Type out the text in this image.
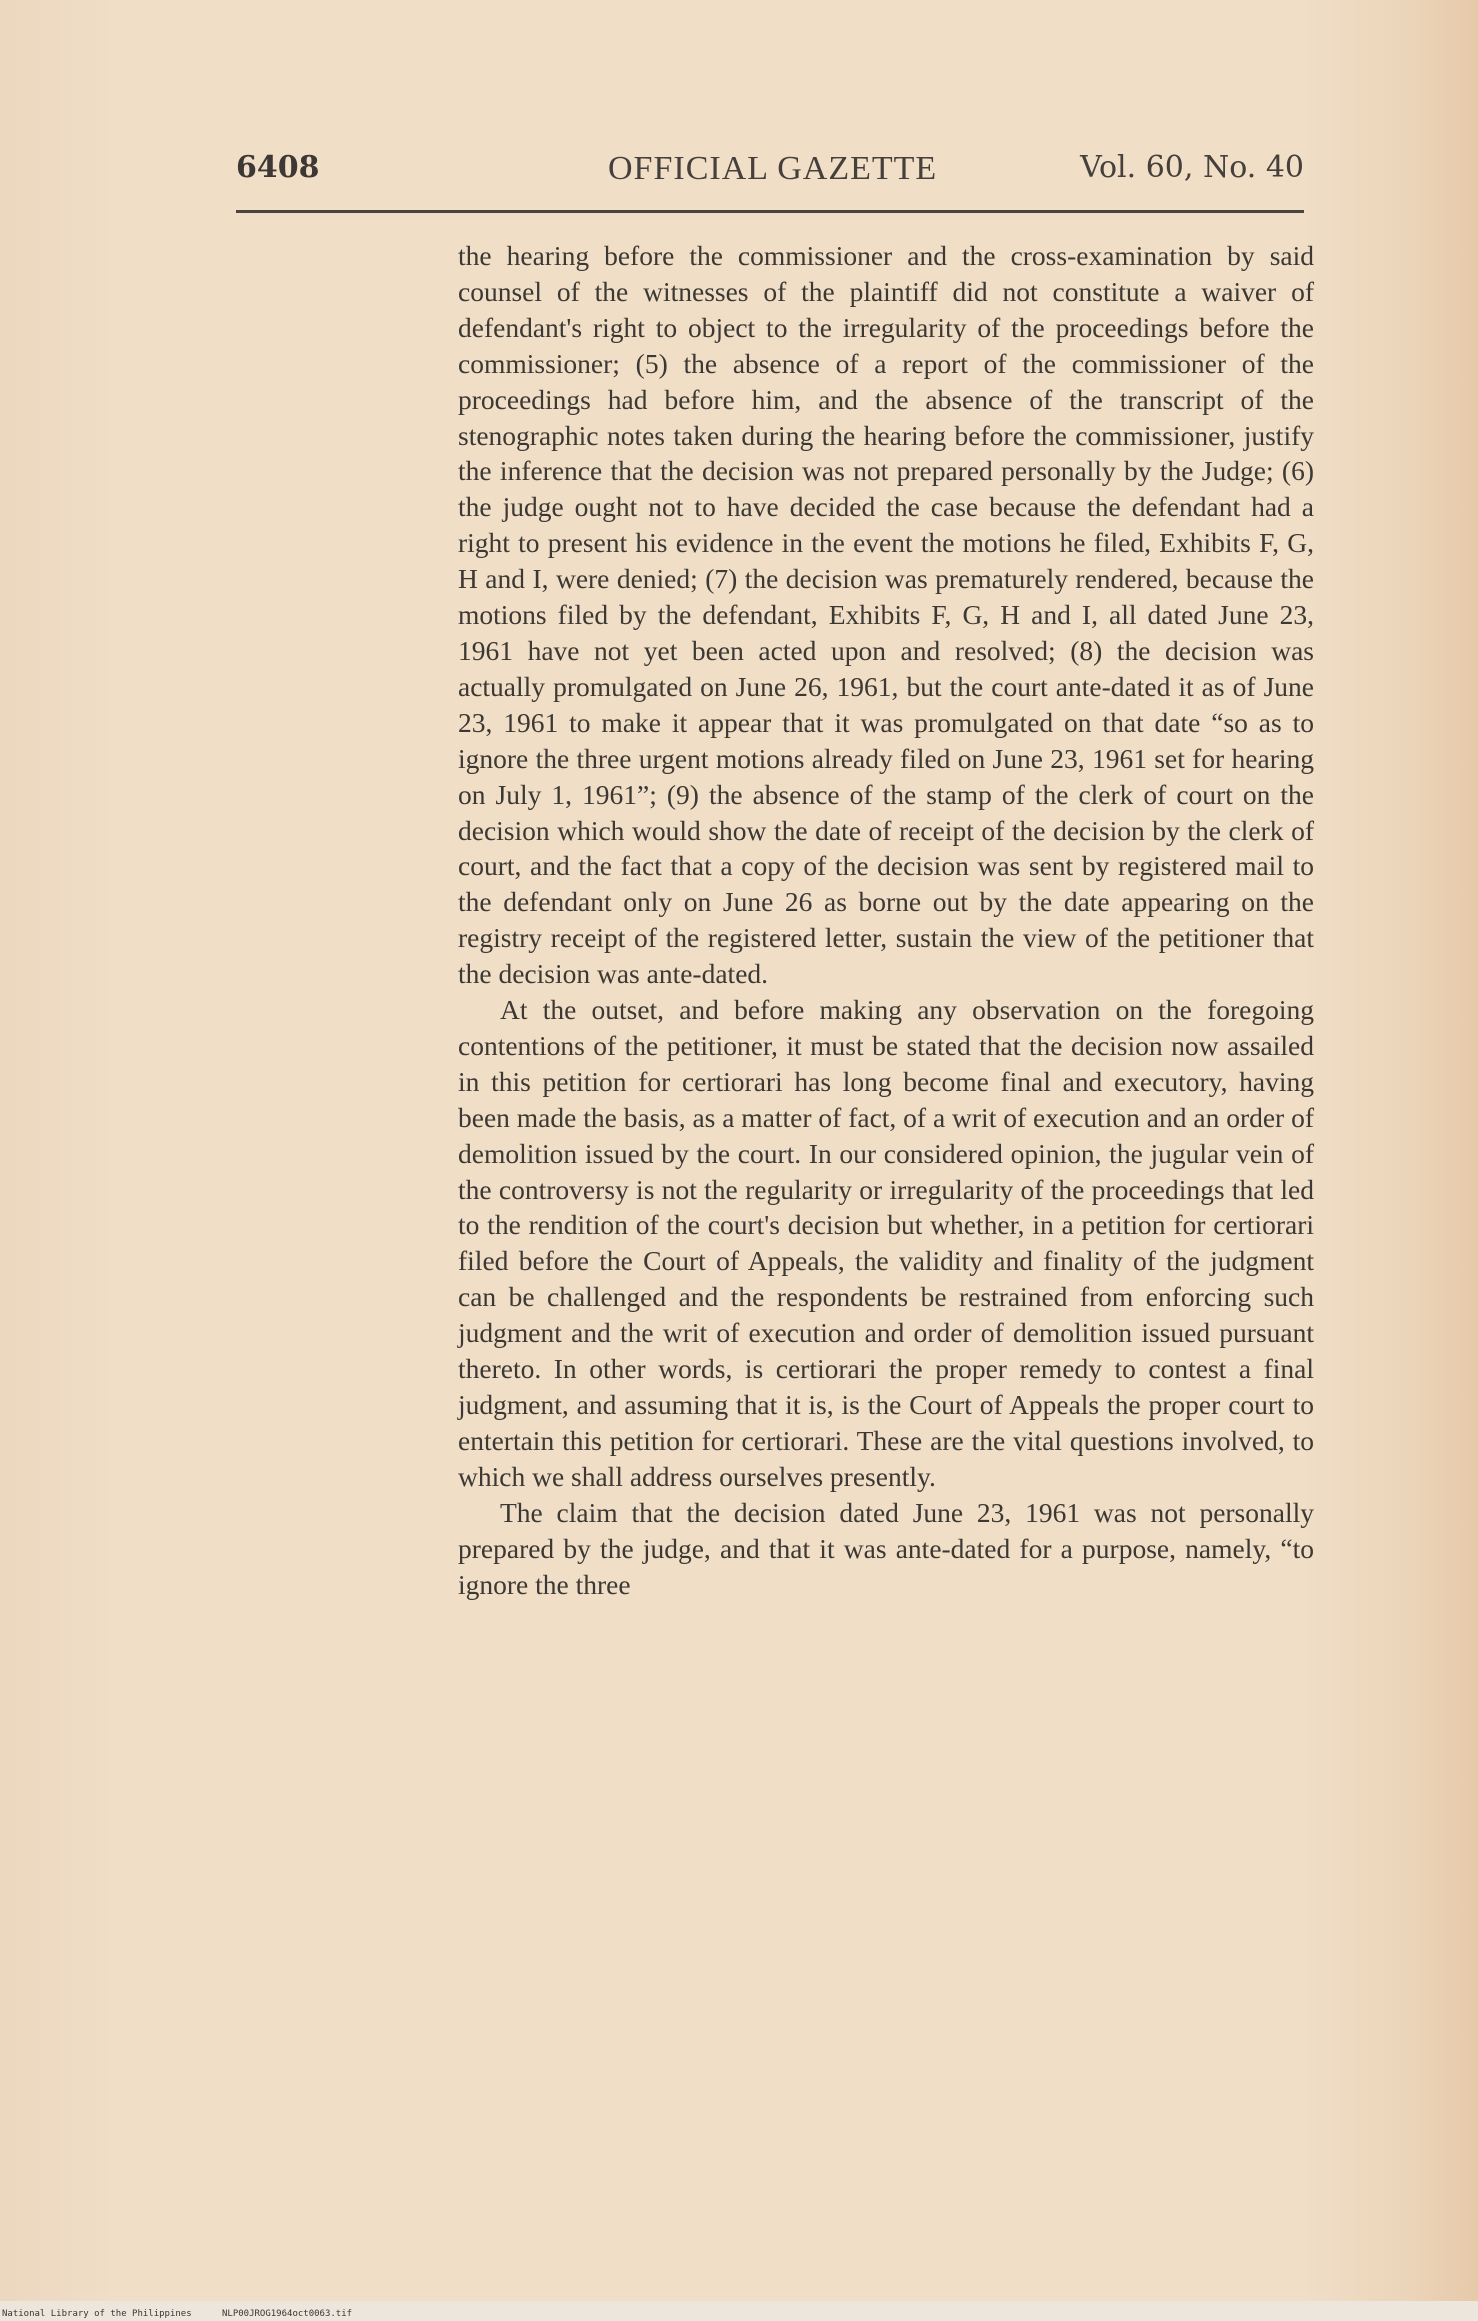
6408	OFFICIAL GAZETTE	Vol. 60, No. 40

the hearing before the commissioner and the cross-examination by said counsel of the witnesses of the plaintiff did not constitute a waiver of defendant's right to object to the irregularity of the proceedings before the commissioner; (5) the absence of a report of the commissioner of the proceedings had before him, and the absence of the transcript of the stenographic notes taken during the hearing before the commissioner, justify the inference that the decision was not prepared personally by the Judge; (6) the judge ought not to have decided the case because the defendant had a right to present his evidence in the event the motions he filed, Exhibits F, G, H and I, were denied; (7) the decision was prematurely rendered, because the motions filed by the defendant, Exhibits F, G, H and I, all dated June 23, 1961 have not yet been acted upon and resolved; (8) the decision was actually promulgated on June 26, 1961, but the court ante-dated it as of June 23, 1961 to make it appear that it was promulgated on that date “so as to ignore the three urgent motions already filed on June 23, 1961 set for hearing on July 1, 1961”; (9) the absence of the stamp of the clerk of court on the decision which would show the date of receipt of the decision by the clerk of court, and the fact that a copy of the decision was sent by registered mail to the defendant only on June 26 as borne out by the date appearing on the registry receipt of the registered letter, sustain the view of the petitioner that the decision was ante-dated.

At the outset, and before making any observation on the foregoing contentions of the petitioner, it must be stated that the decision now assailed in this petition for certiorari has long become final and executory, having been made the basis, as a matter of fact, of a writ of execution and an order of demolition issued by the court. In our considered opinion, the jugular vein of the controversy is not the regularity or irregularity of the proceedings that led to the rendition of the court's decision but whether, in a petition for certiorari filed before the Court of Appeals, the validity and finality of the judgment can be challenged and the respondents be restrained from enforcing such judgment and the writ of execution and order of demolition issued pursuant thereto. In other words, is certiorari the proper remedy to contest a final judgment, and assuming that it is, is the Court of Appeals the proper court to entertain this petition for certiorari. These are the vital questions involved, to which we shall address ourselves presently.

The claim that the decision dated June 23, 1961 was not personally prepared by the judge, and that it was ante-dated for a purpose, namely, “to ignore the three

National Library of the Philippines	NLP00JROG1964oct0063.tif
